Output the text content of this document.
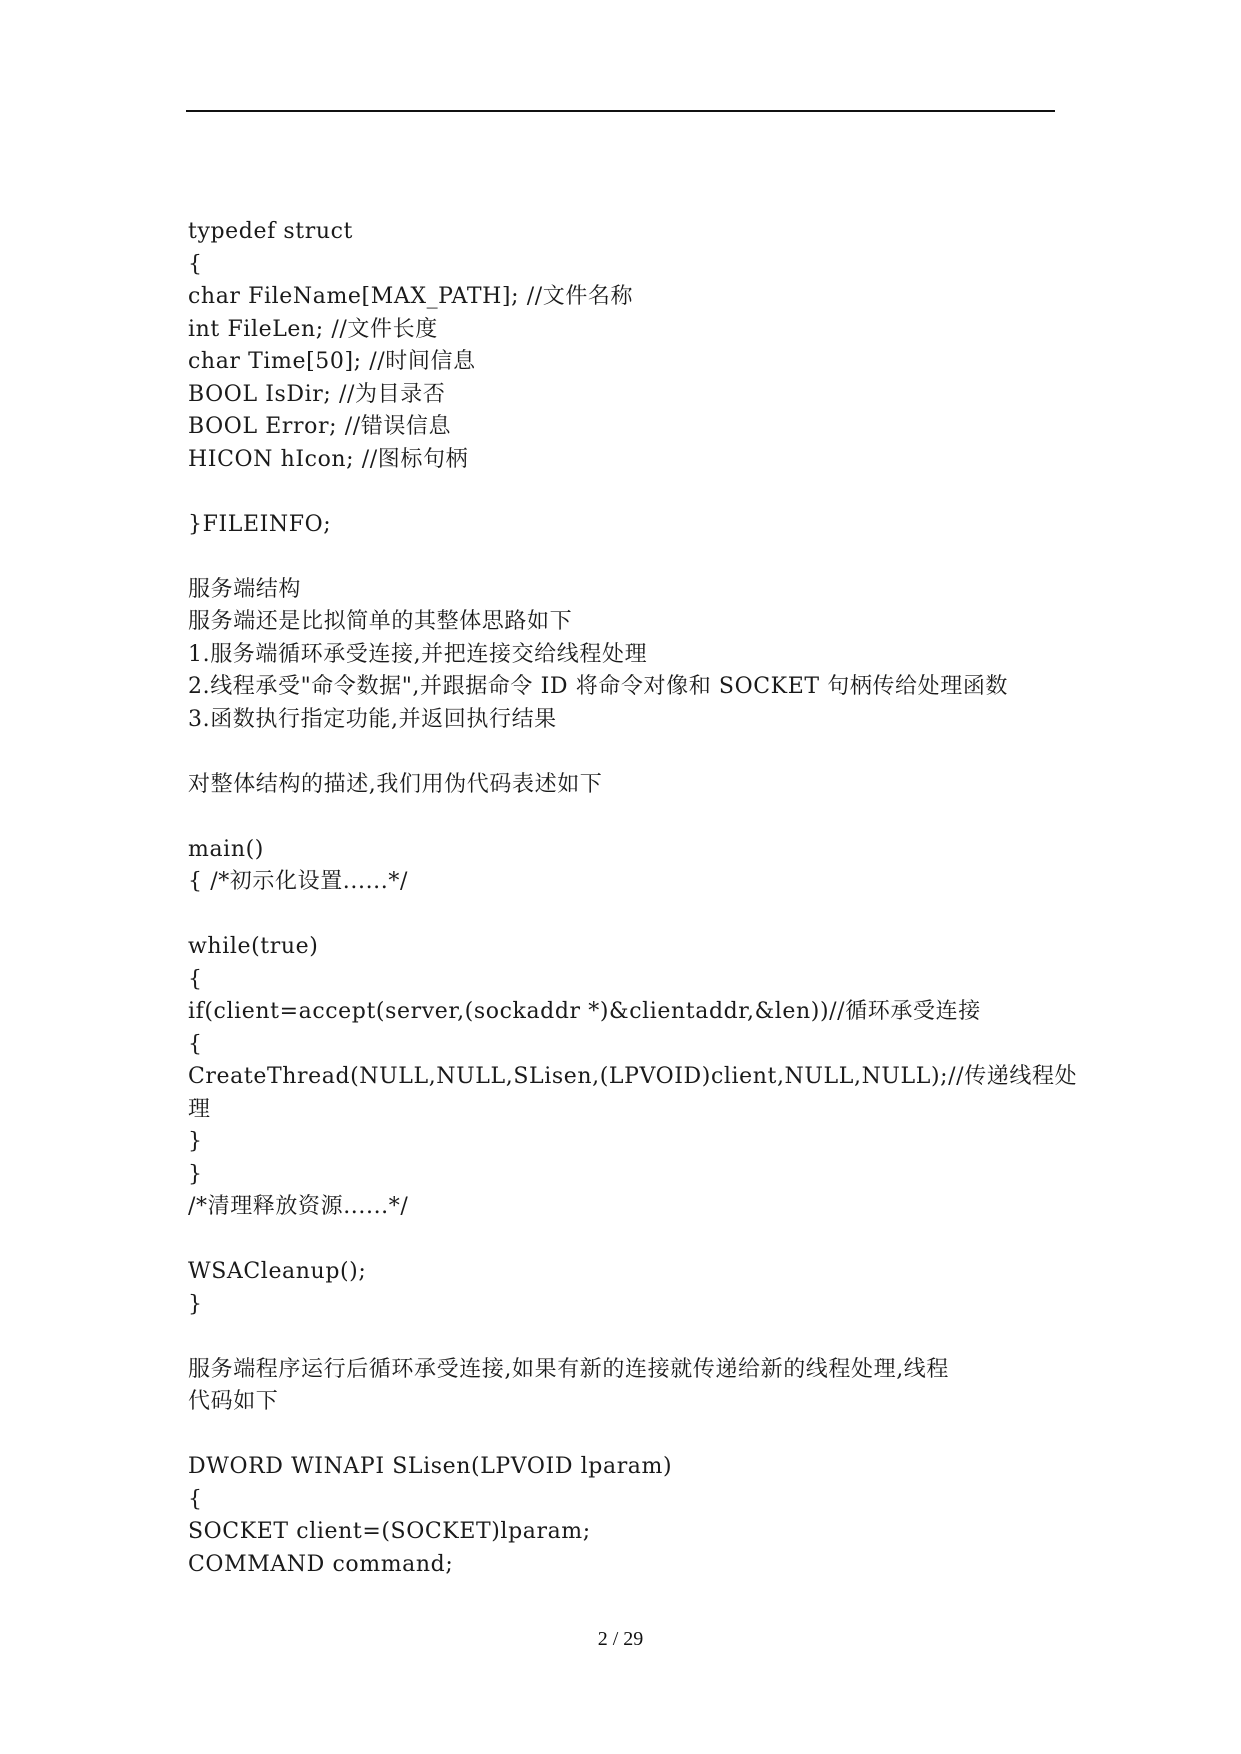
typedef struct
{
char FileName[MAX_PATH]; //文件名称
int FileLen; //文件长度
char Time[50]; //时间信息
BOOL IsDir; //为目录否
BOOL Error; //错误信息
HICON hIcon; //图标句柄
}FILEINFO;
服务端结构
服务端还是比拟简单的其整体思路如下
1.服务端循环承受连接,并把连接交给线程处理
2.线程承受"命令数据",并跟据命令 ID 将命令对像和 SOCKET 句柄传给处理函数
3.函数执行指定功能,并返回执行结果
对整体结构的描述,我们用伪代码表述如下
main()
{ /*初示化设置......*/
while(true)
{
if(client=accept(server,(sockaddr *)&clientaddr,&len))//循环承受连接
{
CreateThread(NULL,NULL,SLisen,(LPVOID)client,NULL,NULL);//传递线程处
理
}
}
/*清理释放资源......*/
WSACleanup();
}
服务端程序运行后循环承受连接,如果有新的连接就传递给新的线程处理,线程
代码如下
DWORD WINAPI SLisen(LPVOID lparam)
{
SOCKET client=(SOCKET)lparam;
COMMAND command;
2 / 29
